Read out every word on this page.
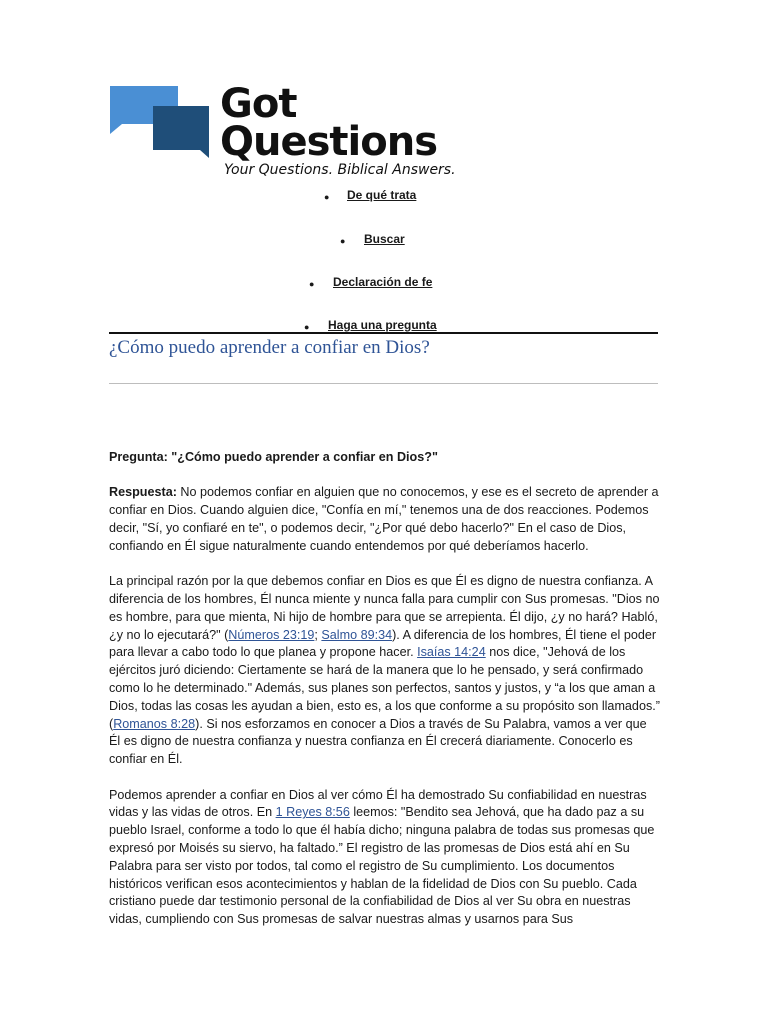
Got
Questions
Your Questions. Biblical Answers.
● De qué trata
● Buscar
● Declaración de fe
● Haga una pregunta
¿Cómo puedo aprender a confiar en Dios?

Pregunta: "¿Cómo puedo aprender a confiar en Dios?"

Respuesta: No podemos confiar en alguien que no conocemos, y ese es el secreto de aprender a confiar en Dios. Cuando alguien dice, "Confía en mí," tenemos una de dos reacciones. Podemos decir, "Sí, yo confiaré en te", o podemos decir, "¿Por qué debo hacerlo?" En el caso de Dios, confiando en Él sigue naturalmente cuando entendemos por qué deberíamos hacerlo.

La principal razón por la que debemos confiar en Dios es que Él es digno de nuestra confianza. A diferencia de los hombres, Él nunca miente y nunca falla para cumplir con Sus promesas. "Dios no es hombre, para que mienta, Ni hijo de hombre para que se arrepienta. Él dijo, ¿y no hará? Habló, ¿y no lo ejecutará?" (Números 23:19; Salmo 89:34). A diferencia de los hombres, Él tiene el poder para llevar a cabo todo lo que planea y propone hacer. Isaías 14:24 nos dice, "Jehová de los ejércitos juró diciendo: Ciertamente se hará de la manera que lo he pensado, y será confirmado como lo he determinado." Además, sus planes son perfectos, santos y justos, y “a los que aman a Dios, todas las cosas les ayudan a bien, esto es, a los que conforme a su propósito son llamados.” (Romanos 8:28). Si nos esforzamos en conocer a Dios a través de Su Palabra, vamos a ver que Él es digno de nuestra confianza y nuestra confianza en Él crecerá diariamente. Conocerlo es confiar en Él.

Podemos aprender a confiar en Dios al ver cómo Él ha demostrado Su confiabilidad en nuestras vidas y las vidas de otros. En 1 Reyes 8:56 leemos: "Bendito sea Jehová, que ha dado paz a su pueblo Israel, conforme a todo lo que él había dicho; ninguna palabra de todas sus promesas que expresó por Moisés su siervo, ha faltado.” El registro de las promesas de Dios está ahí en Su Palabra para ser visto por todos, tal como el registro de Su cumplimiento. Los documentos históricos verifican esos acontecimientos y hablan de la fidelidad de Dios con Su pueblo. Cada cristiano puede dar testimonio personal de la confiabilidad de Dios al ver Su obra en nuestras vidas, cumpliendo con Sus promesas de salvar nuestras almas y usarnos para Sus
